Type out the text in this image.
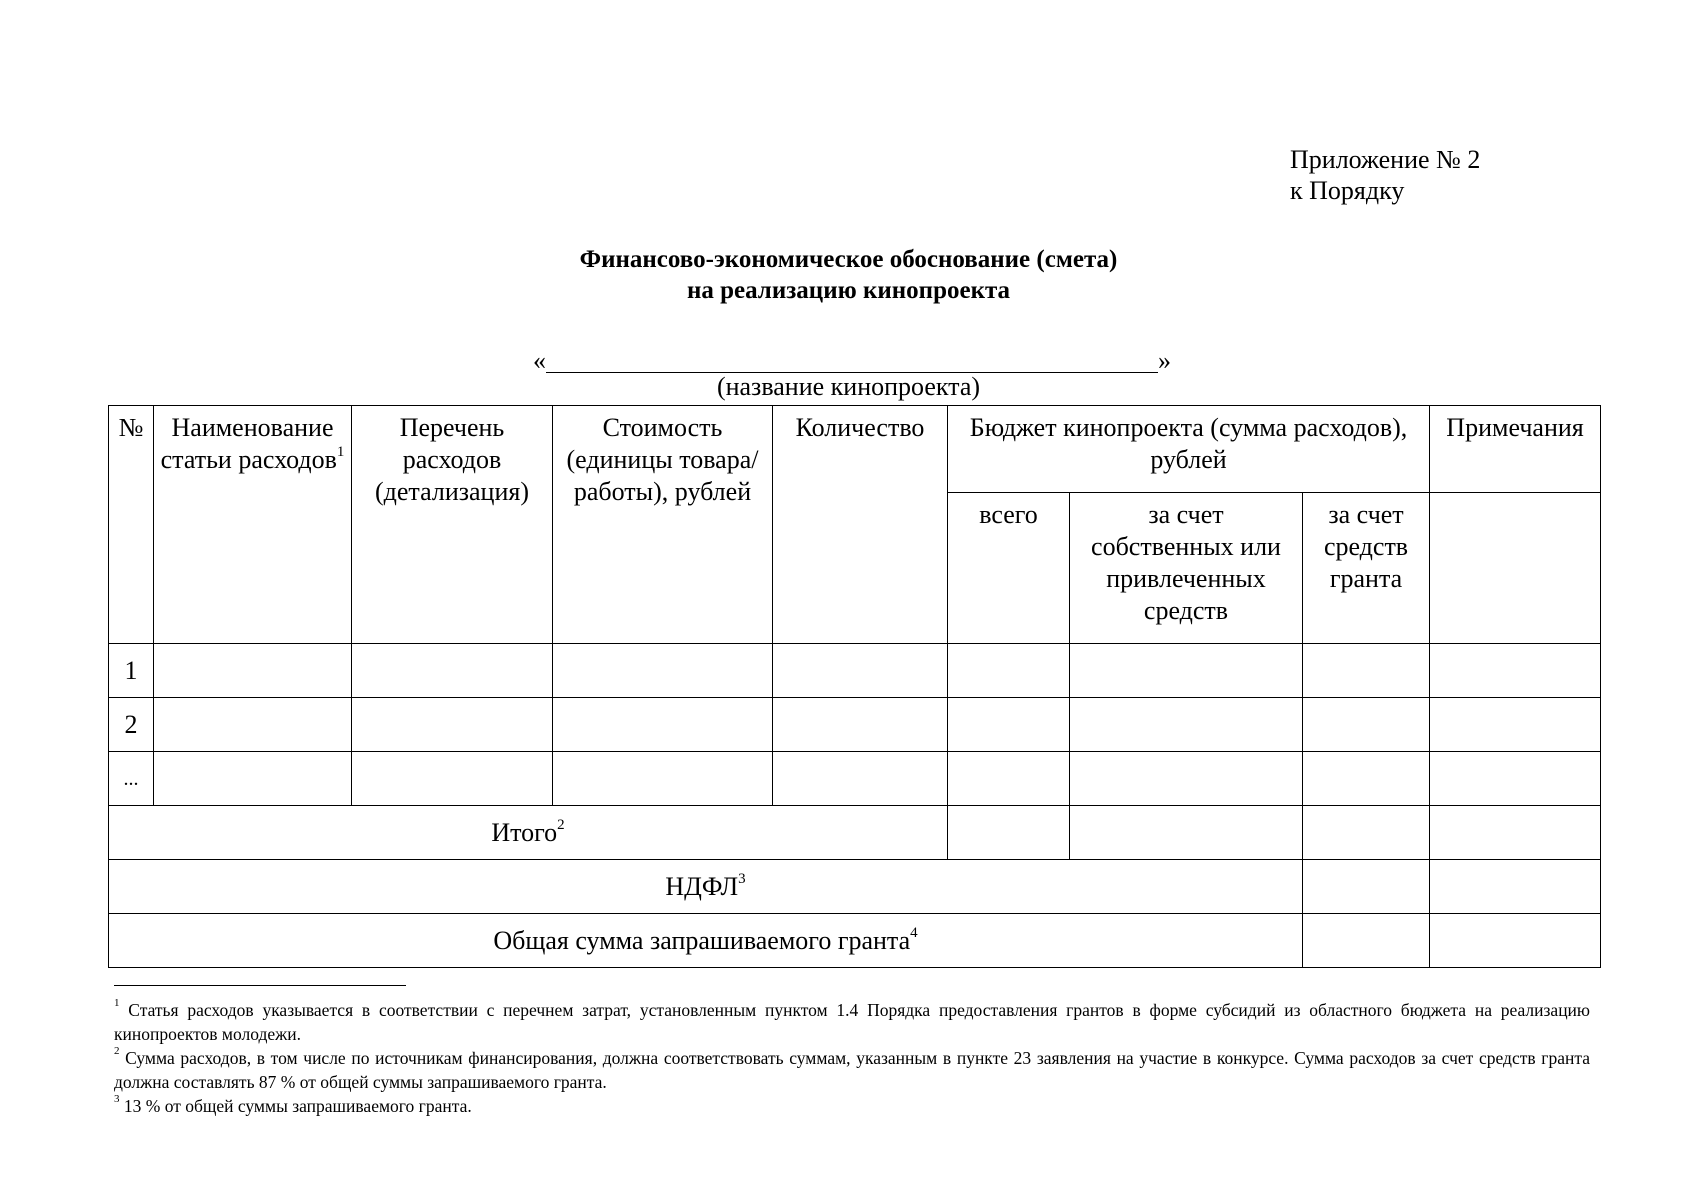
Приложение № 2
к Порядку
Финансово-экономическое обоснование (смета)
на реализацию кинопроекта
«	»
(название кинопроекта)
№	Наименование статьи расходов$^1$	Перечень расходов (детализация)	Стоимость (единицы товара/работы), рублей	Количество	Бюджет кинопроекта (сумма расходов), рублей			Примечания
					всего	за счет собственных или привлеченных средств	за счет средств гранта	
1								
2								
...								
Итого$^2$				
НДФЛ$^3$		
Общая сумма запрашиваемого гранта$^4$		

$^1$ Статья расходов указывается в соответствии с перечнем затрат, установленным пунктом 1.4 Порядка предоставления грантов в форме субсидий из областного бюджета на реализацию кинопроектов молодежи.

$^2$ Сумма расходов, в том числе по источникам финансирования, должна соответствовать суммам, указанным в пункте 23 заявления на участие в конкурсе. Сумма расходов за счет средств гранта должна составлять 87 % от общей суммы запрашиваемого гранта.

$^3$ 13 % от общей суммы запрашиваемого гранта.
